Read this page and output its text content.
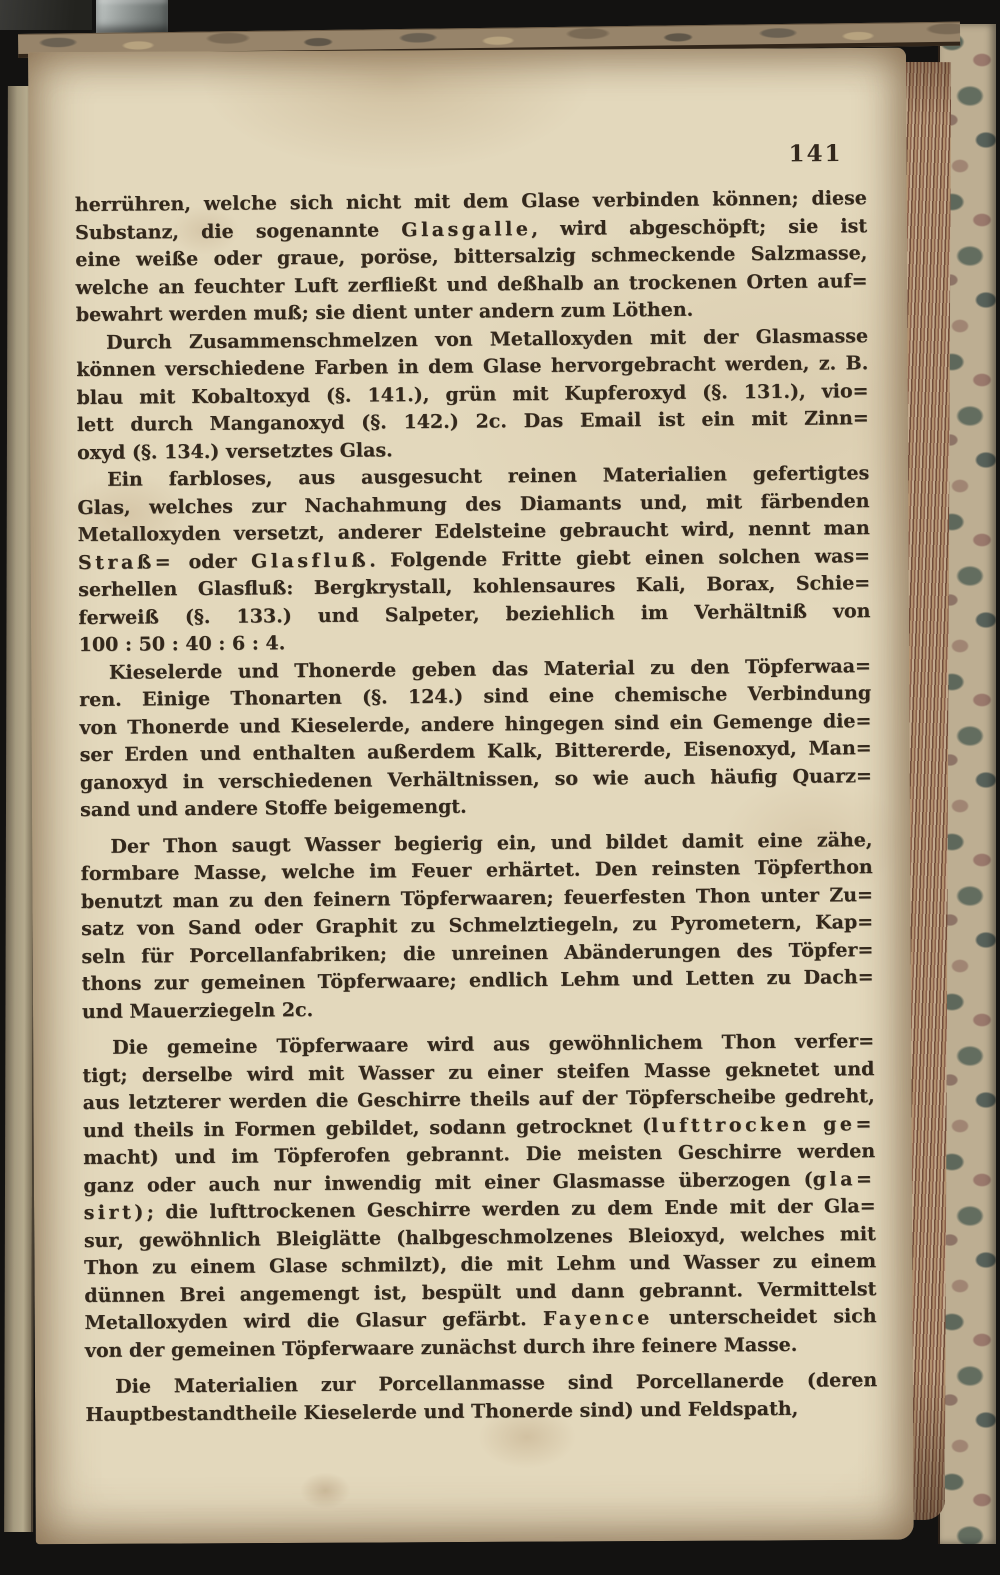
141
herrühren, welche sich nicht mit dem Glase verbinden können; diese
Substanz, die sogenannte Glasgalle, wird abgeschöpft; sie ist
eine weiße oder graue, poröse, bittersalzig schmeckende Salzmasse,
welche an feuchter Luft zerfließt und deßhalb an trockenen Orten auf=
bewahrt werden muß; sie dient unter andern zum Löthen.
Durch Zusammenschmelzen von Metalloxyden mit der Glasmasse
können verschiedene Farben in dem Glase hervorgebracht werden, z. B.
blau mit Kobaltoxyd (§. 141.), grün mit Kupferoxyd (§. 131.), vio=
lett durch Manganoxyd (§. 142.) 2c. Das Email ist ein mit Zinn=
oxyd (§. 134.) versetztes Glas.
Ein farbloses, aus ausgesucht reinen Materialien gefertigtes
Glas, welches zur Nachahmung des Diamants und, mit färbenden
Metalloxyden versetzt, anderer Edelsteine gebraucht wird, nennt man
Straß= oder Glasfluß. Folgende Fritte giebt einen solchen was=
serhellen Glasfluß: Bergkrystall, kohlensaures Kali, Borax, Schie=
ferweiß (§. 133.) und Salpeter, beziehlich im Verhältniß von
100 : 50 : 40 : 6 : 4.
Kieselerde und Thonerde geben das Material zu den Töpferwaa=
ren. Einige Thonarten (§. 124.) sind eine chemische Verbindung
von Thonerde und Kieselerde, andere hingegen sind ein Gemenge die=
ser Erden und enthalten außerdem Kalk, Bittererde, Eisenoxyd, Man=
ganoxyd in verschiedenen Verhältnissen, so wie auch häufig Quarz=
sand und andere Stoffe beigemengt.
Der Thon saugt Wasser begierig ein, und bildet damit eine zähe,
formbare Masse, welche im Feuer erhärtet. Den reinsten Töpferthon
benutzt man zu den feinern Töpferwaaren; feuerfesten Thon unter Zu=
satz von Sand oder Graphit zu Schmelztiegeln, zu Pyrometern, Kap=
seln für Porcellanfabriken; die unreinen Abänderungen des Töpfer=
thons zur gemeinen Töpferwaare; endlich Lehm und Letten zu Dach=
und Mauerziegeln 2c.
Die gemeine Töpferwaare wird aus gewöhnlichem Thon verfer=
tigt; derselbe wird mit Wasser zu einer steifen Masse geknetet und
aus letzterer werden die Geschirre theils auf der Töpferscheibe gedreht,
und theils in Formen gebildet, sodann getrocknet (lufttrocken ge=
macht) und im Töpferofen gebrannt. Die meisten Geschirre werden
ganz oder auch nur inwendig mit einer Glasmasse überzogen (gla=
sirt); die lufttrockenen Geschirre werden zu dem Ende mit der Gla=
sur, gewöhnlich Bleiglätte (halbgeschmolzenes Bleioxyd, welches mit
Thon zu einem Glase schmilzt), die mit Lehm und Wasser zu einem
dünnen Brei angemengt ist, bespült und dann gebrannt. Vermittelst
Metalloxyden wird die Glasur gefärbt. Fayence unterscheidet sich
von der gemeinen Töpferwaare zunächst durch ihre feinere Masse.
Die Materialien zur Porcellanmasse sind Porcellanerde (deren
Hauptbestandtheile Kieselerde und Thonerde sind) und Feldspath,
